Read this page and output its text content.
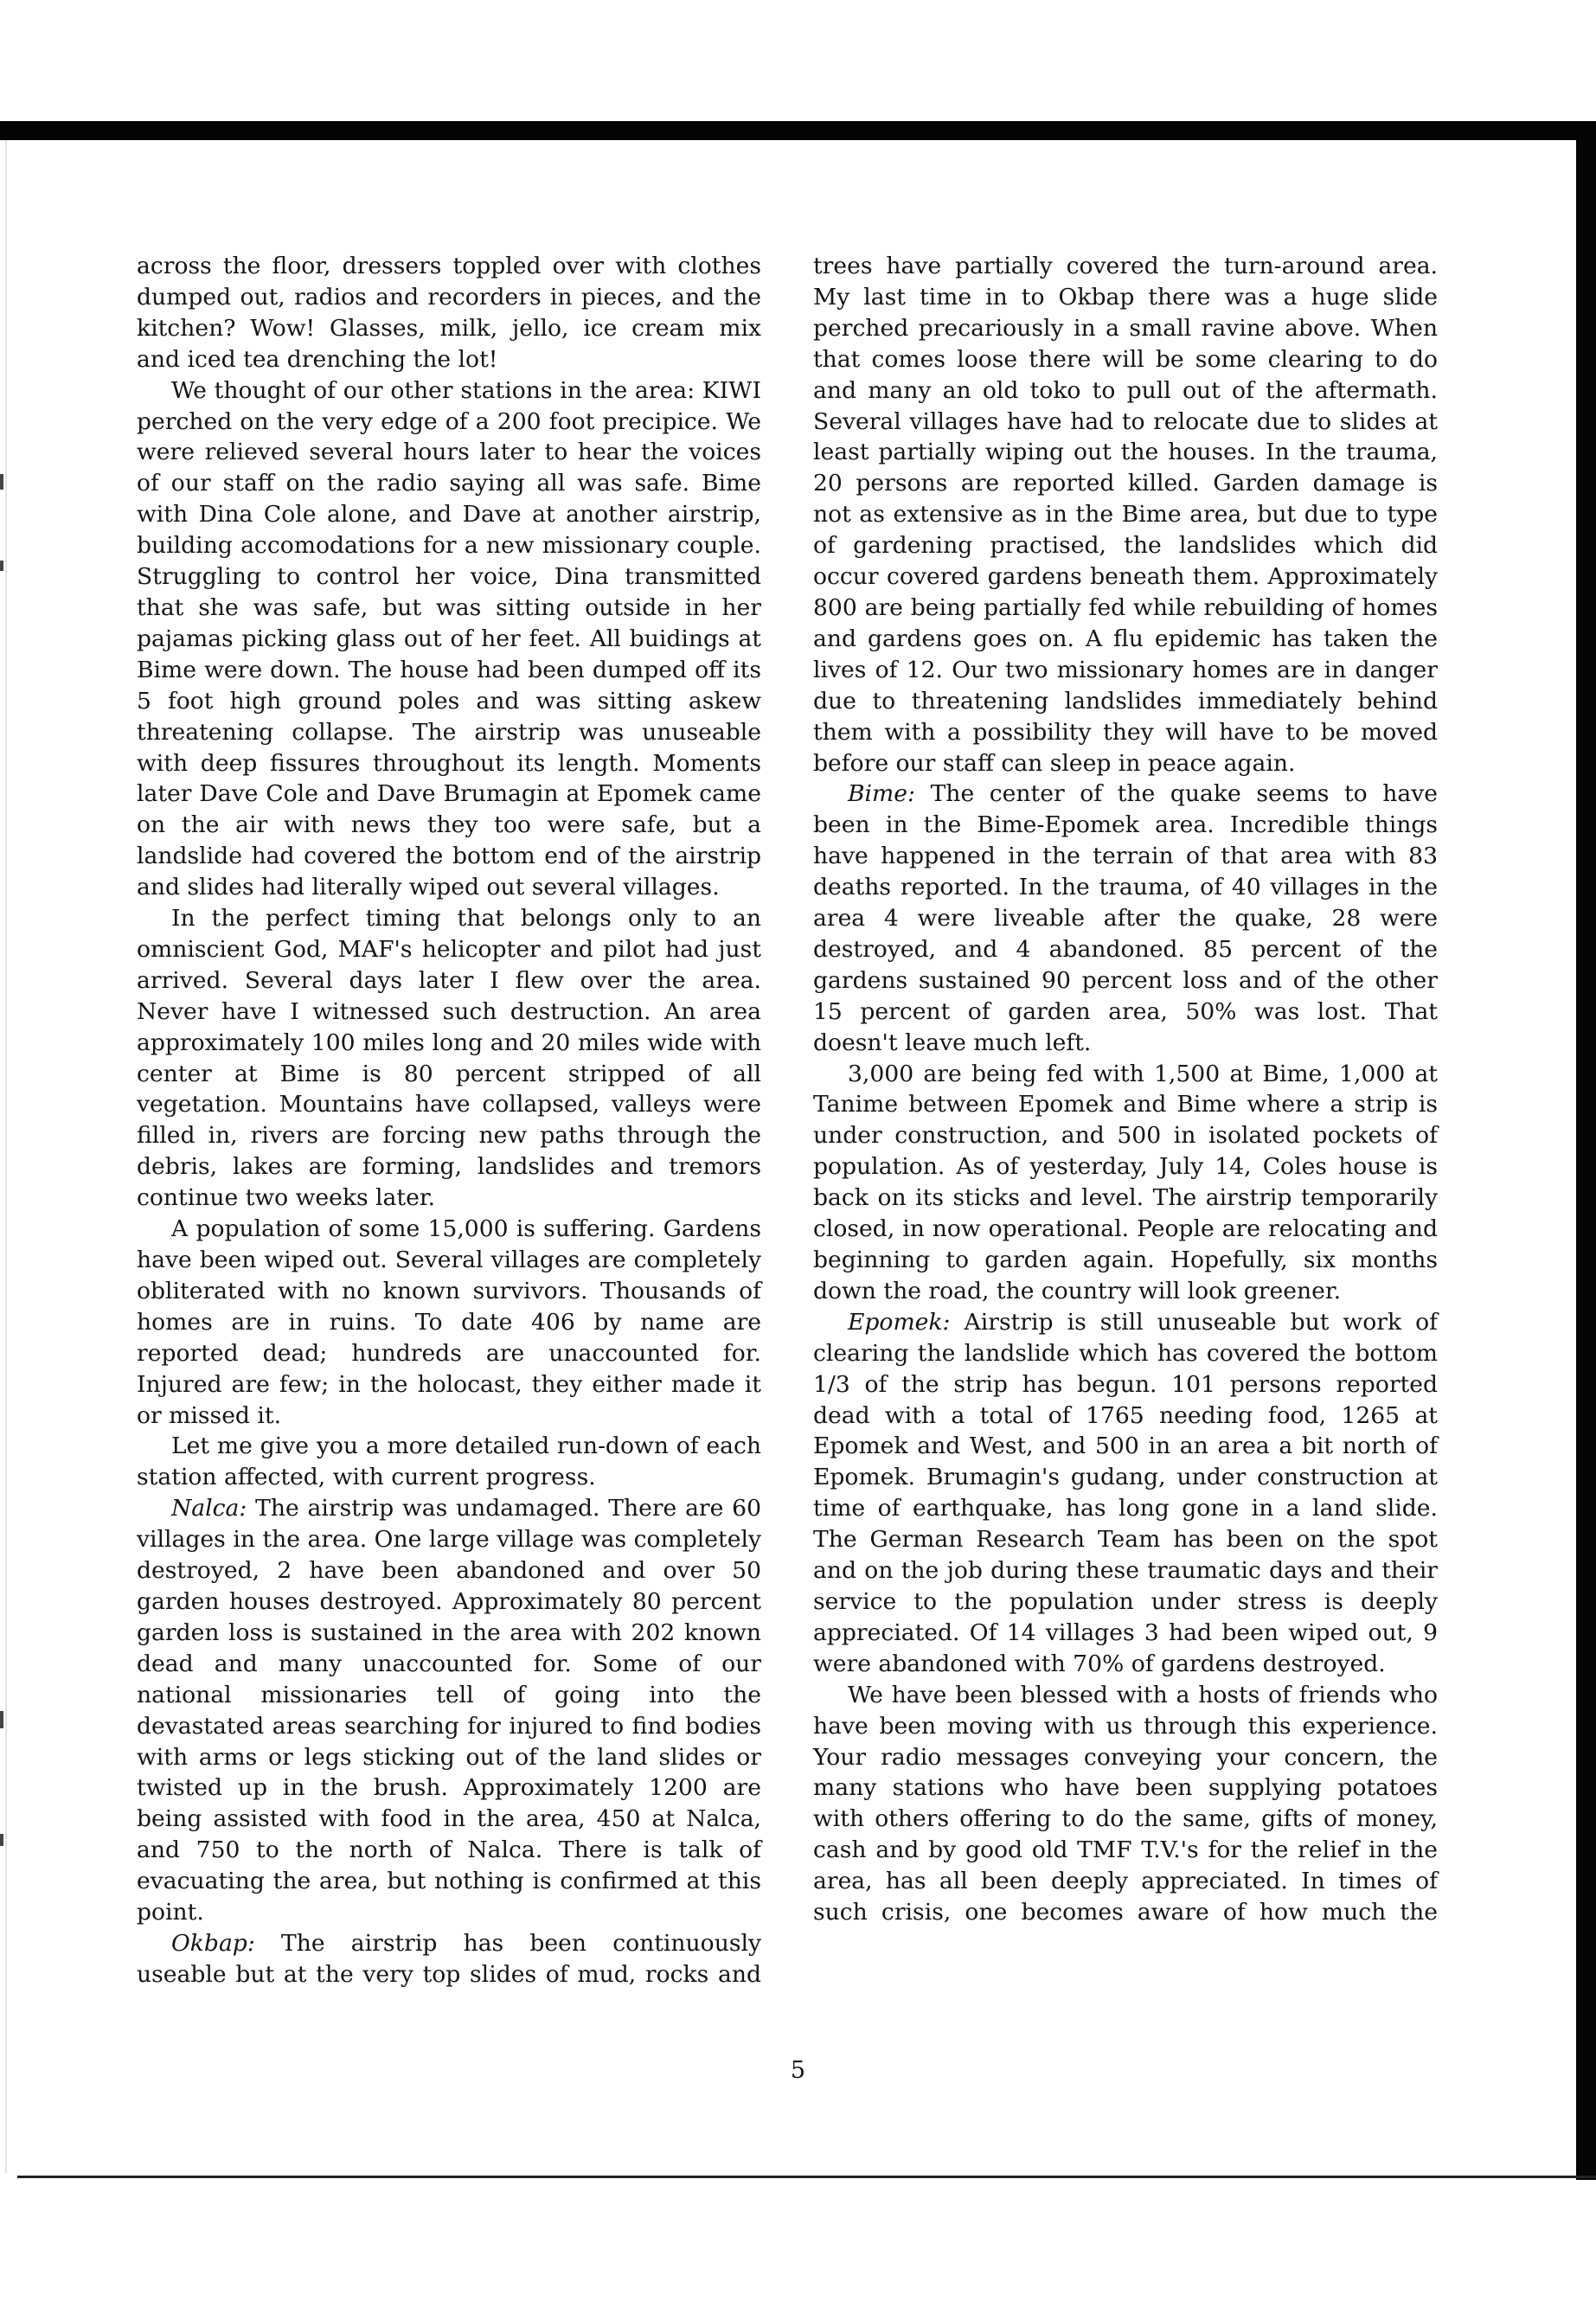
across the floor, dressers toppled over with clothes dumped out, radios and recorders in pieces, and the kitchen? Wow! Glasses, milk, jello, ice cream mix and iced tea drenching the lot!

We thought of our other stations in the area: KIWI perched on the very edge of a 200 foot precipice. We were relieved several hours later to hear the voices of our staff on the radio saying all was safe. Bime with Dina Cole alone, and Dave at another airstrip, building accomodations for a new missionary couple. Struggling to control her voice, Dina transmitted that she was safe, but was sitting outside in her pajamas picking glass out of her feet. All buidings at Bime were down. The house had been dumped off its 5 foot high ground poles and was sitting askew threatening collapse. The airstrip was unuseable with deep fissures throughout its length. Moments later Dave Cole and Dave Brumagin at Epomek came on the air with news they too were safe, but a landslide had covered the bottom end of the airstrip and slides had literally wiped out several villages.

In the perfect timing that belongs only to an omniscient God, MAF's helicopter and pilot had just arrived. Several days later I flew over the area. Never have I witnessed such destruction. An area approximately 100 miles long and 20 miles wide with center at Bime is 80 percent stripped of all vegetation. Mountains have collapsed, valleys were filled in, rivers are forcing new paths through the debris, lakes are forming, landslides and tremors continue two weeks later.

A population of some 15,000 is suffering. Gardens have been wiped out. Several villages are completely obliterated with no known survivors. Thousands of homes are in ruins. To date 406 by name are reported dead; hundreds are unaccounted for. Injured are few; in the holocast, they either made it or missed it.

Let me give you a more detailed run-down of each station affected, with current progress.

Nalca: The airstrip was undamaged. There are 60 villages in the area. One large village was completely destroyed, 2 have been abandoned and over 50 garden houses destroyed. Approximately 80 percent garden loss is sustained in the area with 202 known dead and many unaccounted for. Some of our national missionaries tell of going into the devastated areas searching for injured to find bodies with arms or legs sticking out of the land slides or twisted up in the brush. Approximately 1200 are being assisted with food in the area, 450 at Nalca, and 750 to the north of Nalca. There is talk of evacuating the area, but nothing is confirmed at this point.

Okbap: The airstrip has been continuously useable but at the very top slides of mud, rocks and

trees have partially covered the turn-around area. My last time in to Okbap there was a huge slide perched precariously in a small ravine above. When that comes loose there will be some clearing to do and many an old toko to pull out of the aftermath. Several villages have had to relocate due to slides at least partially wiping out the houses. In the trauma, 20 persons are reported killed. Garden damage is not as extensive as in the Bime area, but due to type of gardening practised, the landslides which did occur covered gardens beneath them. Approximately 800 are being partially fed while rebuilding of homes and gardens goes on. A flu epidemic has taken the lives of 12. Our two missionary homes are in danger due to threatening landslides immediately behind them with a possibility they will have to be moved before our staff can sleep in peace again.

Bime: The center of the quake seems to have been in the Bime-Epomek area. Incredible things have happened in the terrain of that area with 83 deaths reported. In the trauma, of 40 villages in the area 4 were liveable after the quake, 28 were destroyed, and 4 abandoned. 85 percent of the gardens sustained 90 percent loss and of the other 15 percent of garden area, 50% was lost. That doesn't leave much left.

3,000 are being fed with 1,500 at Bime, 1,000 at Tanime between Epomek and Bime where a strip is under construction, and 500 in isolated pockets of population. As of yesterday, July 14, Coles house is back on its sticks and level. The airstrip temporarily closed, in now operational. People are relocating and beginning to garden again. Hopefully, six months down the road, the country will look greener.

Epomek: Airstrip is still unuseable but work of clearing the landslide which has covered the bottom 1/3 of the strip has begun. 101 persons reported dead with a total of 1765 needing food, 1265 at Epomek and West, and 500 in an area a bit north of Epomek. Brumagin's gudang, under construction at time of earthquake, has long gone in a land slide. The German Research Team has been on the spot and on the job during these traumatic days and their service to the population under stress is deeply appreciated. Of 14 villages 3 had been wiped out, 9 were abandoned with 70% of gardens destroyed.

We have been blessed with a hosts of friends who have been moving with us through this experience. Your radio messages conveying your concern, the many stations who have been supplying potatoes with others offering to do the same, gifts of money, cash and by good old TMF T.V.'s for the relief in the area, has all been deeply appreciated. In times of such crisis, one becomes aware of how much the

5
